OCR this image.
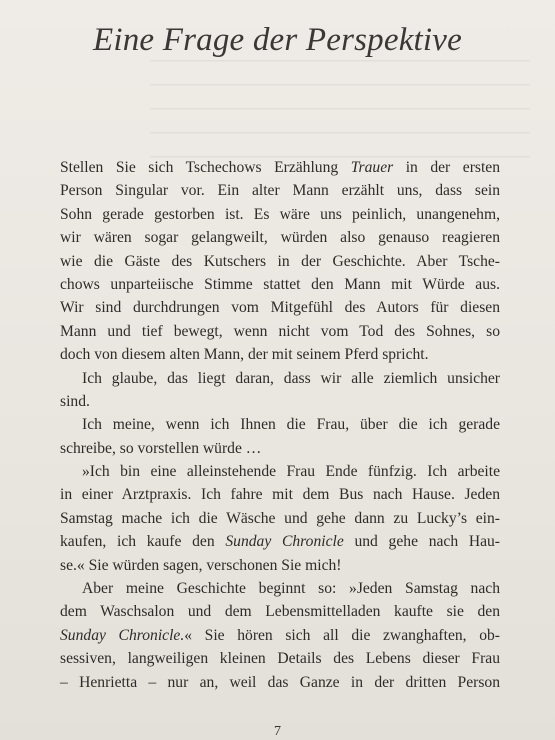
Eine Frage der Perspektive
Stellen Sie sich Tschechows Erzählung Trauer in der ersten
Person Singular vor. Ein alter Mann erzählt uns, dass sein
Sohn gerade gestorben ist. Es wäre uns peinlich, unangenehm,
wir wären sogar gelangweilt, würden also genauso reagieren
wie die Gäste des Kutschers in der Geschichte. Aber Tsche-
chows unparteiische Stimme stattet den Mann mit Würde aus.
Wir sind durchdrungen vom Mitgefühl des Autors für diesen
Mann und tief bewegt, wenn nicht vom Tod des Sohnes, so
doch von diesem alten Mann, der mit seinem Pferd spricht.
Ich glaube, das liegt daran, dass wir alle ziemlich unsicher
sind.
Ich meine, wenn ich Ihnen die Frau, über die ich gerade
schreibe, so vorstellen würde …
»Ich bin eine alleinstehende Frau Ende fünfzig. Ich arbeite
in einer Arztpraxis. Ich fahre mit dem Bus nach Hause. Jeden
Samstag mache ich die Wäsche und gehe dann zu Lucky’s ein-
kaufen, ich kaufe den Sunday Chronicle und gehe nach Hau-
se.« Sie würden sagen, verschonen Sie mich!
Aber meine Geschichte beginnt so: »Jeden Samstag nach
dem Waschsalon und dem Lebensmittelladen kaufte sie den
Sunday Chronicle.« Sie hören sich all die zwanghaften, ob-
sessiven, langweiligen kleinen Details des Lebens dieser Frau
– Henrietta – nur an, weil das Ganze in der dritten Person
7
